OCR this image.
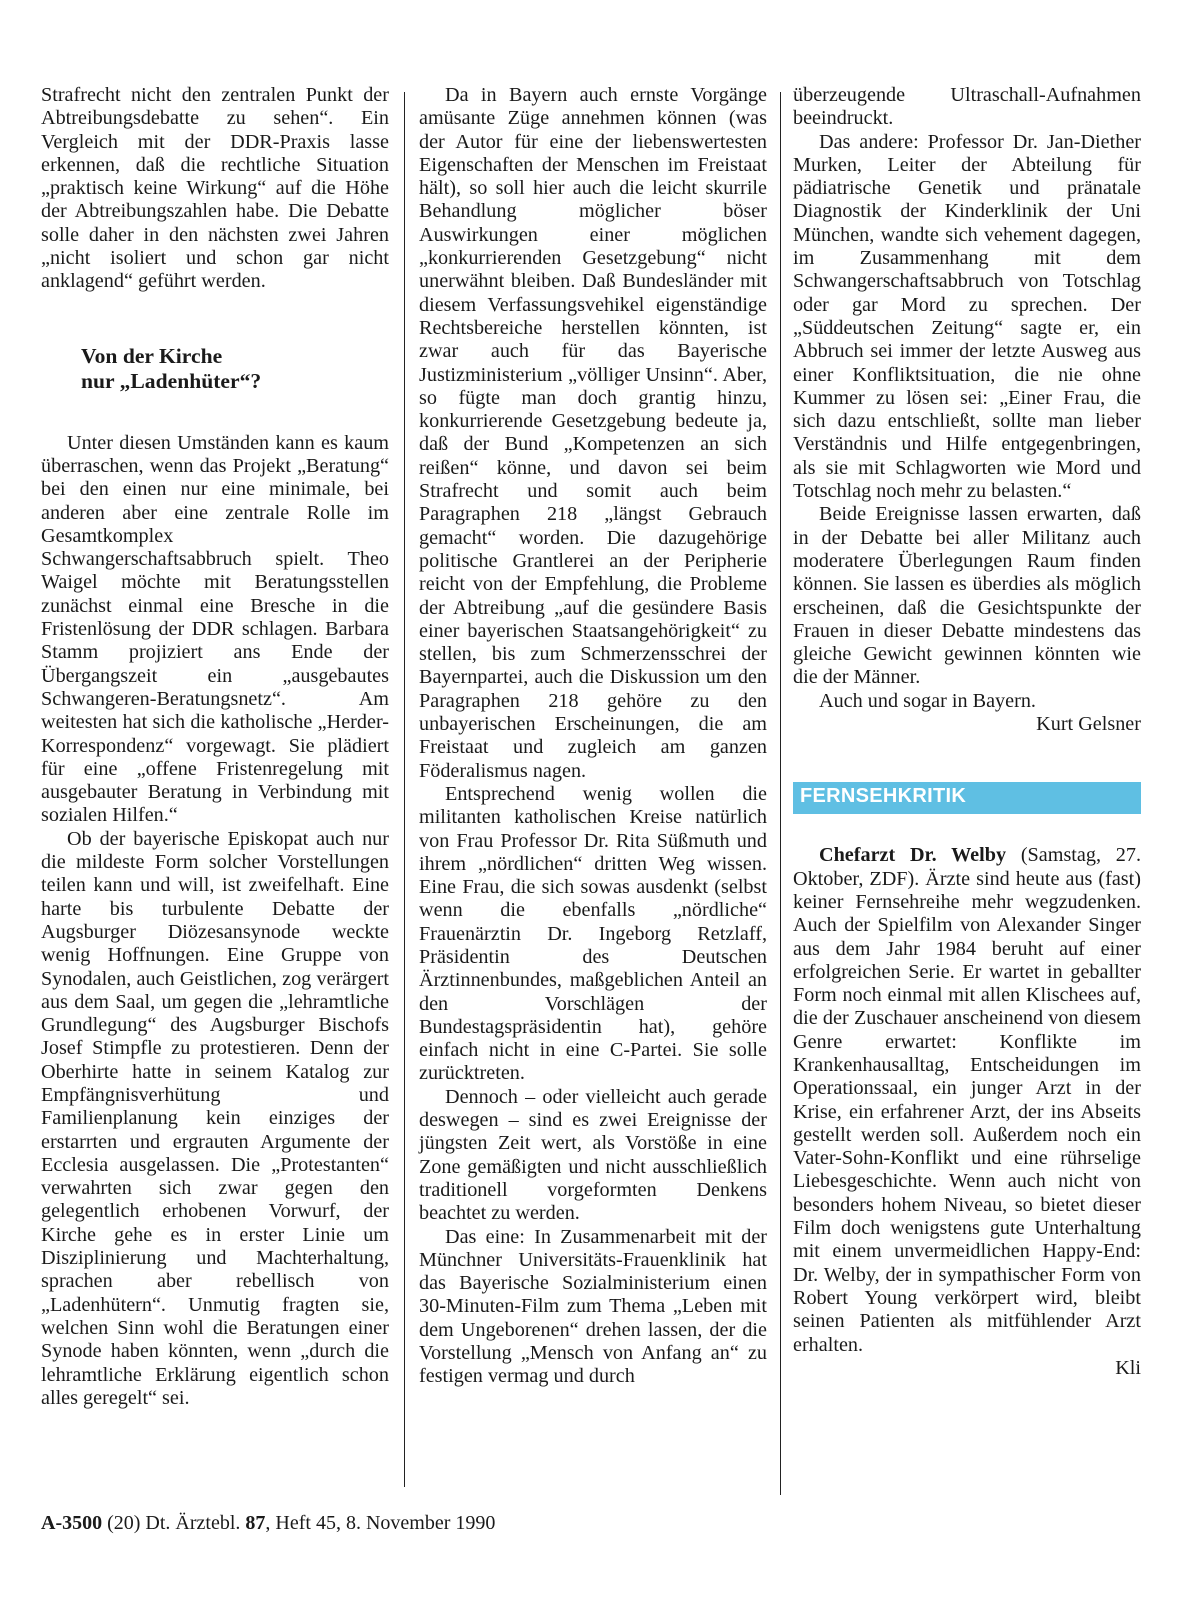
Strafrecht nicht den zentralen Punkt der Abtreibungsdebatte zu sehen“. Ein Vergleich mit der DDR-Praxis lasse erkennen, daß die rechtliche Situation „praktisch keine Wirkung“ auf die Höhe der Abtreibungszahlen habe. Die Debatte solle daher in den nächsten zwei Jahren „nicht isoliert und schon gar nicht anklagend“ geführt werden.

Von der Kirche
nur „Ladenhüter“?

Unter diesen Umständen kann es kaum überraschen, wenn das Projekt „Beratung“ bei den einen nur eine minimale, bei anderen aber eine zentrale Rolle im Gesamtkomplex Schwangerschaftsabbruch spielt. Theo Waigel möchte mit Beratungsstellen zunächst einmal eine Bresche in die Fristenlösung der DDR schlagen. Barbara Stamm projiziert ans Ende der Übergangszeit ein „ausgebautes Schwangeren-Beratungsnetz“. Am weitesten hat sich die katholische „Herder-Korrespondenz“ vorgewagt. Sie plädiert für eine „offene Fristenregelung mit ausgebauter Beratung in Verbindung mit sozialen Hilfen.“

Ob der bayerische Episkopat auch nur die mildeste Form solcher Vorstellungen teilen kann und will, ist zweifelhaft. Eine harte bis turbulente Debatte der Augsburger Diözesansynode weckte wenig Hoffnungen. Eine Gruppe von Synodalen, auch Geistlichen, zog verärgert aus dem Saal, um gegen die „lehramtliche Grundlegung“ des Augsburger Bischofs Josef Stimpfle zu protestieren. Denn der Oberhirte hatte in seinem Katalog zur Empfängnisverhütung und Familienplanung kein einziges der erstarrten und ergrauten Argumente der Ecclesia ausgelassen. Die „Protestanten“ verwahrten sich zwar gegen den gelegentlich erhobenen Vorwurf, der Kirche gehe es in erster Linie um Disziplinierung und Machterhaltung, sprachen aber rebellisch von „Ladenhütern“. Unmutig fragten sie, welchen Sinn wohl die Beratungen einer Synode haben könnten, wenn „durch die lehramtliche Erklärung eigentlich schon alles geregelt“ sei.

Da in Bayern auch ernste Vorgänge amüsante Züge annehmen können (was der Autor für eine der liebenswertesten Eigenschaften der Menschen im Freistaat hält), so soll hier auch die leicht skurrile Behandlung möglicher böser Auswirkungen einer möglichen „konkurrierenden Gesetzgebung“ nicht unerwähnt bleiben. Daß Bundesländer mit diesem Verfassungsvehikel eigenständige Rechtsbereiche herstellen könnten, ist zwar auch für das Bayerische Justizministerium „völliger Unsinn“. Aber, so fügte man doch grantig hinzu, konkurrierende Gesetzgebung bedeute ja, daß der Bund „Kompetenzen an sich reißen“ könne, und davon sei beim Strafrecht und somit auch beim Paragraphen 218 „längst Gebrauch gemacht“ worden. Die dazugehörige politische Grantlerei an der Peripherie reicht von der Empfehlung, die Probleme der Abtreibung „auf die gesündere Basis einer bayerischen Staatsangehörigkeit“ zu stellen, bis zum Schmerzensschrei der Bayernpartei, auch die Diskussion um den Paragraphen 218 gehöre zu den unbayerischen Erscheinungen, die am Freistaat und zugleich am ganzen Föderalismus nagen.

Entsprechend wenig wollen die militanten katholischen Kreise natürlich von Frau Professor Dr. Rita Süßmuth und ihrem „nördlichen“ dritten Weg wissen. Eine Frau, die sich sowas ausdenkt (selbst wenn die ebenfalls „nördliche“ Frauenärztin Dr. Ingeborg Retzlaff, Präsidentin des Deutschen Ärztinnenbundes, maßgeblichen Anteil an den Vorschlägen der Bundestagspräsidentin hat), gehöre einfach nicht in eine C-Partei. Sie solle zurücktreten.

Dennoch – oder vielleicht auch gerade deswegen – sind es zwei Ereignisse der jüngsten Zeit wert, als Vorstöße in eine Zone gemäßigten und nicht ausschließlich traditionell vorgeformten Denkens beachtet zu werden.

Das eine: In Zusammenarbeit mit der Münchner Universitäts-Frauenklinik hat das Bayerische Sozialministerium einen 30-Minuten-Film zum Thema „Leben mit dem Ungeborenen“ drehen lassen, der die Vorstellung „Mensch von Anfang an“ zu festigen vermag und durch

überzeugende Ultraschall-Aufnahmen beeindruckt.

Das andere: Professor Dr. Jan-Diether Murken, Leiter der Abteilung für pädiatrische Genetik und pränatale Diagnostik der Kinderklinik der Uni München, wandte sich vehement dagegen, im Zusammenhang mit dem Schwangerschaftsabbruch von Totschlag oder gar Mord zu sprechen. Der „Süddeutschen Zeitung“ sagte er, ein Abbruch sei immer der letzte Ausweg aus einer Konfliktsituation, die nie ohne Kummer zu lösen sei: „Einer Frau, die sich dazu entschließt, sollte man lieber Verständnis und Hilfe entgegenbringen, als sie mit Schlagworten wie Mord und Totschlag noch mehr zu belasten.“

Beide Ereignisse lassen erwarten, daß in der Debatte bei aller Militanz auch moderatere Überlegungen Raum finden können. Sie lassen es überdies als möglich erscheinen, daß die Gesichtspunkte der Frauen in dieser Debatte mindestens das gleiche Gewicht gewinnen könnten wie die der Männer.

Auch und sogar in Bayern.

Kurt Gelsner

FERNSEHKRITIK

Chefarzt Dr. Welby (Samstag, 27. Oktober, ZDF). Ärzte sind heute aus (fast) keiner Fernsehreihe mehr wegzudenken. Auch der Spielfilm von Alexander Singer aus dem Jahr 1984 beruht auf einer erfolgreichen Serie. Er wartet in geballter Form noch einmal mit allen Klischees auf, die der Zuschauer anscheinend von diesem Genre erwartet: Konflikte im Krankenhausalltag, Entscheidungen im Operationssaal, ein junger Arzt in der Krise, ein erfahrener Arzt, der ins Abseits gestellt werden soll. Außerdem noch ein Vater-Sohn-Konflikt und eine rührselige Liebesgeschichte. Wenn auch nicht von besonders hohem Niveau, so bietet dieser Film doch wenigstens gute Unterhaltung mit einem unvermeidlichen Happy-End: Dr. Welby, der in sympathischer Form von Robert Young verkörpert wird, bleibt seinen Patienten als mitfühlender Arzt erhalten.

Kli

A-3500 (20) Dt. Ärztebl. 87, Heft 45, 8. November 1990
